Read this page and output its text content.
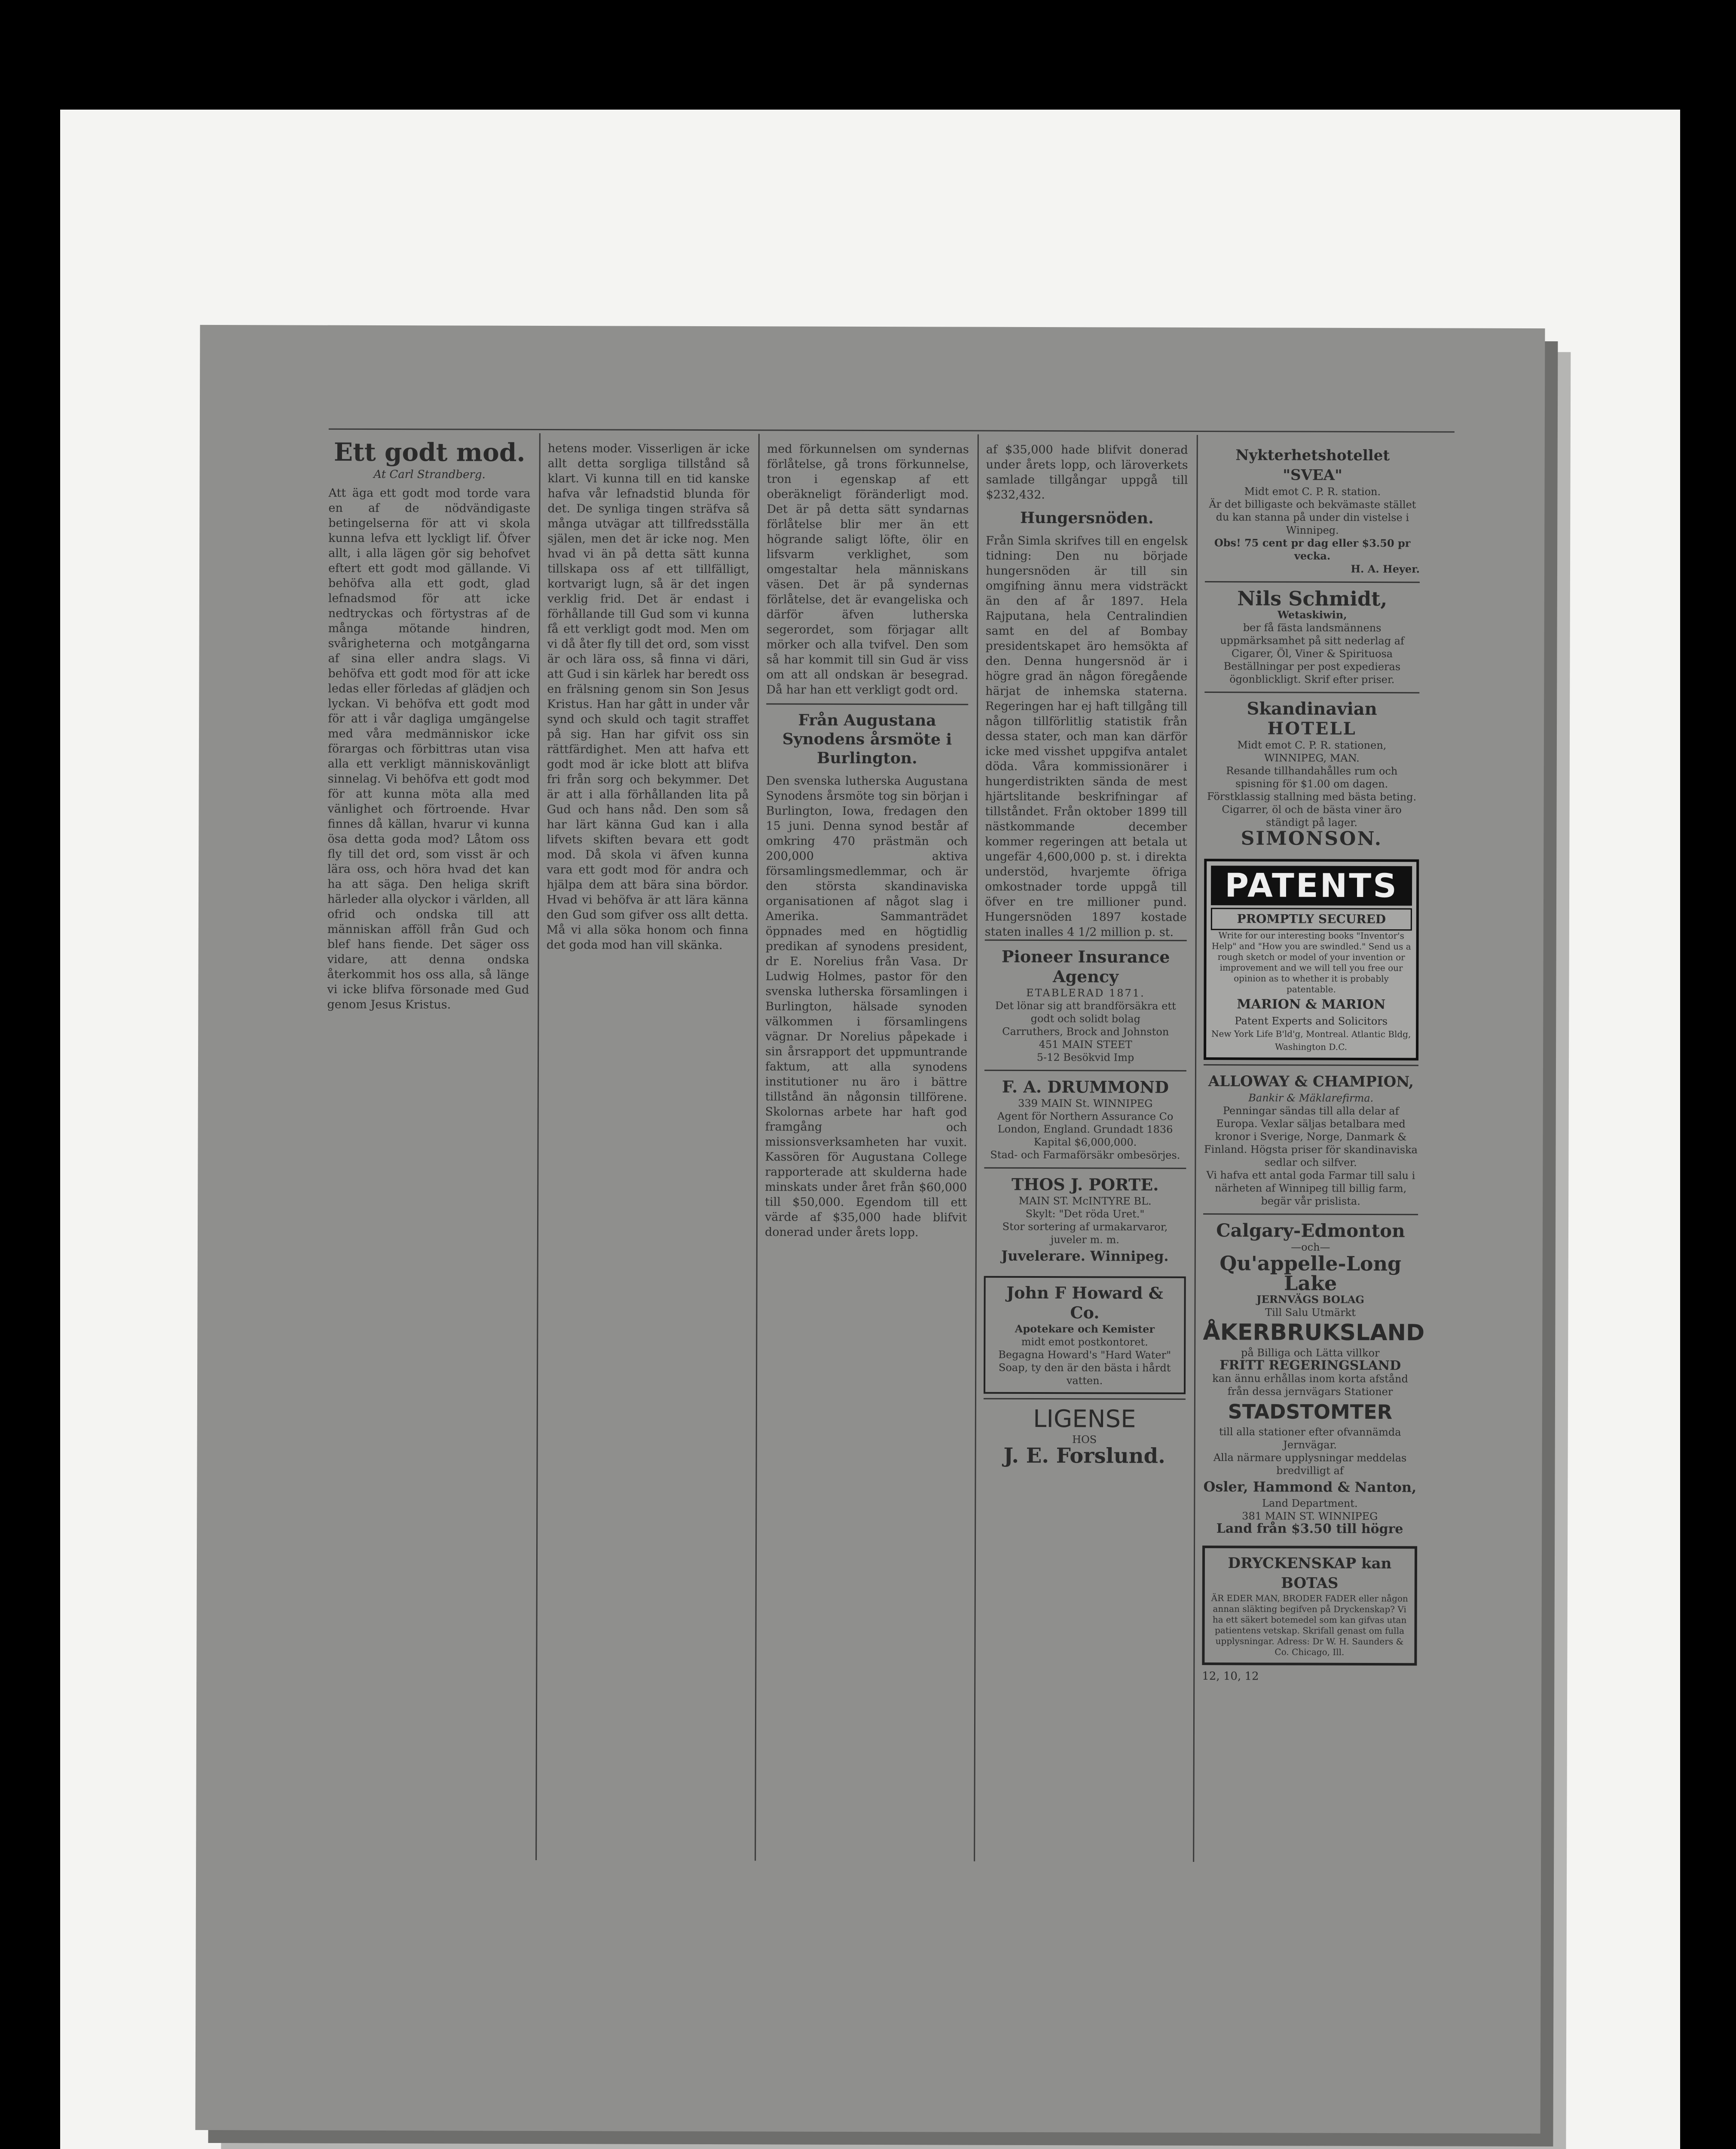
Ett godt mod.
At Carl Strandberg.
Att äga ett godt mod torde vara en af de nödvändigaste betingelserna för att vi skola kunna lefva ett lyckligt lif. Öfver allt, i alla lägen gör sig behofvet eftert ett godt mod gällande. Vi behöfva alla ett godt, glad lefnadsmod för att icke nedtryckas och förtystras af de många mötande hindren, svårigheterna och motgångarna af sina eller andra slags. Vi behöfva ett godt mod för att icke ledas eller förledas af glädjen och lyckan. Vi behöfva ett godt mod för att i vår dagliga umgängelse med våra medmänniskor icke förargas och förbittras utan visa alla ett verkligt människovänligt sinnelag. Vi behöfva ett godt mod för att kunna möta alla med vänlighet och förtroende. Hvar finnes då källan, hvarur vi kunna ösa detta goda mod? Låtom oss fly till det ord, som visst är och lära oss, och höra hvad det kan ha att säga. Den heliga skrift härleder alla olyckor i världen, all ofrid och ondska till att människan afföll från Gud och blef hans fiende. Det säger oss vidare, att denna ondska återkommit hos oss alla, så länge vi icke blifva försonade med Gud genom Jesus Kristus.
hetens moder. Visserligen är icke allt detta sorgliga tillstånd så klart. Vi kunna till en tid kanske hafva vår lefnadstid blunda för det. De synliga tingen sträfva så många utvägar att tillfredsställa själen, men det är icke nog. Men hvad vi än på detta sätt kunna tillskapa oss af ett tillfälligt, kortvarigt lugn, så är det ingen verklig frid. Det är endast i förhållande till Gud som vi kunna få ett verkligt godt mod. Men om vi då åter fly till det ord, som visst är och lära oss, så finna vi däri, att Gud i sin kärlek har beredt oss en frälsning genom sin Son Jesus Kristus. Han har gått in under vår synd och skuld och tagit straffet på sig. Han har gifvit oss sin rättfärdighet. Men att hafva ett godt mod är icke blott att blifva fri från sorg och bekymmer. Det är att i alla förhållanden lita på Gud och hans nåd. Den som så har lärt känna Gud kan i alla lifvets skiften bevara ett godt mod. Då skola vi äfven kunna vara ett godt mod för andra och hjälpa dem att bära sina bördor. Hvad vi behöfva är att lära känna den Gud som gifver oss allt detta. Må vi alla söka honom och finna det goda mod han vill skänka.
med förkunnelsen om syndernas förlåtelse, gå trons förkunnelse, tron i egenskap af ett oberäkneligt föränderligt mod. Det är på detta sätt syndarnas förlåtelse blir mer än ett högrande saligt löfte, ölir en lifsvarm verklighet, som omgestaltar hela människans väsen. Det är på syndernas förlåtelse, det är evangeliska och därför äfven lutherska segerordet, som förjagar allt mörker och alla tvifvel. Den som så har kommit till sin Gud är viss om att all ondskan är besegrad. Då har han ett verkligt godt ord.
Från Augustana Synodens årsmöte i Burlington.
Den svenska lutherska Augustana Synodens årsmöte tog sin början i Burlington, Iowa, fredagen den 15 juni. Denna synod består af omkring 470 prästmän och 200,000 aktiva församlingsmedlemmar, och är den största skandinaviska organisationen af något slag i Amerika. Sammanträdet öppnades med en högtidlig predikan af synodens president, dr E. Norelius från Vasa. Dr Ludwig Holmes, pastor för den svenska lutherska församlingen i Burlington, hälsade synoden välkommen i församlingens vägnar. Dr Norelius påpekade i sin årsrapport det uppmuntrande faktum, att alla synodens institutioner nu äro i bättre tillstånd än någonsin tillförene. Skolornas arbete har haft god framgång och missionsverksamheten har vuxit. Kassören för Augustana College rapporterade att skulderna hade minskats under året från $60,000 till $50,000. Egendom till ett värde af $35,000 hade blifvit donerad under årets lopp.
af $35,000 hade blifvit donerad under årets lopp, och läroverkets samlade tillgångar uppgå till $232,432.
Hungersnöden.
Från Simla skrifves till en engelsk tidning: Den nu började hungersnöden är till sin omgifning ännu mera vidsträckt än den af år 1897. Hela Rajputana, hela Centralindien samt en del af Bombay presidentskapet äro hemsökta af den. Denna hungersnöd är i högre grad än någon föregående härjat de inhemska staterna. Regeringen har ej haft tillgång till någon tillförlitlig statistik från dessa stater, och man kan därför icke med visshet uppgifva antalet döda. Våra kommissionärer i hungerdistrikten sända de mest hjärtslitande beskrifningar af tillståndet. Från oktober 1899 till nästkommande december kommer regeringen att betala ut ungefär 4,600,000 p. st. i direkta understöd, hvarjemte öfriga omkostnader torde uppgå till öfver en tre millioner pund. Hungersnöden 1897 kostade staten inalles 4 1/2 million p. st.
Pioneer Insurance Agency
ETABLERAD 1871.
Det lönar sig att brandförsäkra ett godt och solidt bolag
Carruthers, Brock and Johnston
451 MAIN STEET
5-12 Besökvid Imp
F. A. DRUMMOND
339 MAIN St. WINNIPEG
Agent för Northern Assurance Co
London, England. Grundadt 1836
Kapital $6,000,000.
Stad- och Farmaförsäkr ombesörjes.
THOS J. PORTE.
MAIN ST. McINTYRE BL.
Skylt: "Det röda Uret."
Stor sortering af urmakarvaror, juveler m. m.
Juvelerare. Winnipeg.
John F Howard & Co.
Apotekare och Kemister
midt emot postkontoret.
Begagna Howard's "Hard Water"
Soap, ty den är den bästa i hårdt vatten.
LIGENSE
HOS
J. E. Forslund.
Nykterhetshotellet "SVEA"
Midt emot C. P. R. station.
Är det billigaste och bekvämaste stället du kan stanna på under din vistelse i Winnipeg.
Obs! 75 cent pr dag eller $3.50 pr vecka.
H. A. Heyer.
Nils Schmidt,
Wetaskiwin,
ber få fästa landsmännens uppmärksamhet på sitt nederlag af Cigarer, Öl, Viner & Spirituosa
Beställningar per post expedieras ögonblickligt. Skrif efter priser.
Skandinavian
HOTELL
Midt emot C. P. R. stationen,
WINNIPEG, MAN.
Resande tillhandahålles rum och spisning för $1.00 om dagen. Förstklassig stallning med bästa beting.
Cigarrer, öl och de bästa viner äro ständigt på lager.
SIMONSON.
PATENTS
PROMPTLY SECURED
Write for our interesting books "Inventor's Help" and "How you are swindled." Send us a rough sketch or model of your invention or improvement and we will tell you free our opinion as to whether it is probably patentable.
MARION & MARION
Patent Experts and Solicitors
New York Life B'ld'g, Montreal. Atlantic Bldg, Washington D.C.
ALLOWAY & CHAMPION,
Bankir & Mäklarefirma.
Penningar sändas till alla delar af Europa. Vexlar säljas betalbara med kronor i Sverige, Norge, Danmark & Finland. Högsta priser för skandinaviska sedlar och silfver.
Vi hafva ett antal goda Farmar till salu i närheten af Winnipeg till billig farm, begär vår prislista.
Calgary-Edmonton
—och—
Qu'appelle-Long Lake
JERNVÄGS BOLAG
Till Salu Utmärkt
ÅKERBRUKSLAND
på Billiga och Lätta villkor
FRITT REGERINGSLAND
kan ännu erhållas inom korta afstånd från dessa jernvägars Stationer
STADSTOMTER
till alla stationer efter ofvannämda Jernvägar.
Alla närmare upplysningar meddelas bredvilligt af
Osler, Hammond & Nanton,
Land Department.
381 MAIN ST. WINNIPEG
Land från $3.50 till högre
DRYCKENSKAP kan BOTAS
ÄR EDER MAN, BRODER FADER eller någon annan släkting begifven på Dryckenskap? Vi ha ett säkert botemedel som kan gifvas utan patientens vetskap. Skrifall genast om fulla upplysningar. Adress: Dr W. H. Saunders & Co. Chicago, Ill.
12, 10, 12
